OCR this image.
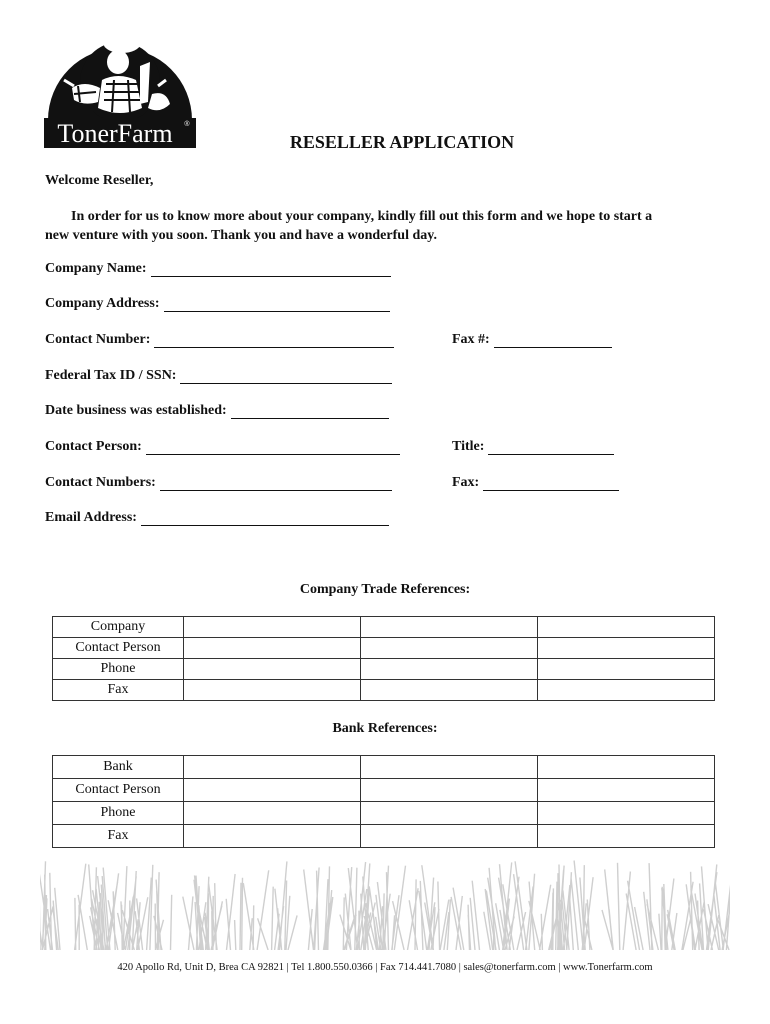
TonerFarm ®
RESELLER APPLICATION
Welcome Reseller,
In order for us to know more about your company, kindly fill out this form and we hope to start a
new venture with you soon. Thank you and have a wonderful day.
Company Name:
Company Address:
Contact Number:	Fax #:
Federal Tax ID / SSN:
Date business was established:
Contact Person:	Title:
Contact Numbers:	Fax:
Email Address:
Company Trade References:
Company			
Contact Person			
Phone			
Fax			
Bank References:
Bank			
Contact Person			
Phone			
Fax			
420 Apollo Rd, Unit D, Brea CA 92821 | Tel 1.800.550.0366 | Fax 714.441.7080 | sales@tonerfarm.com | www.Tonerfarm.com
